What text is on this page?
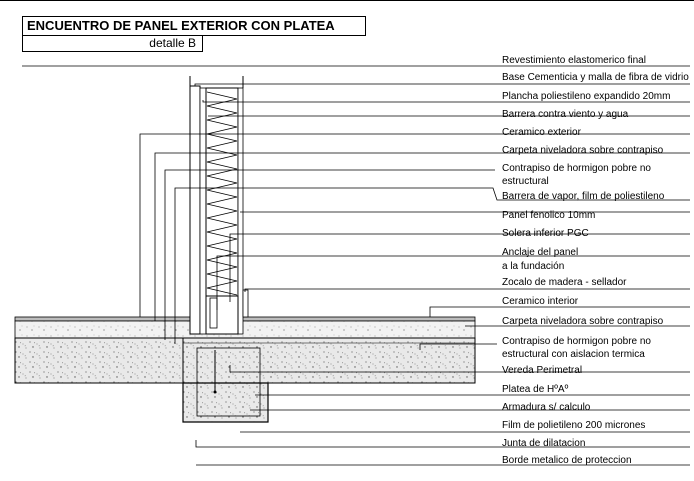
ENCUENTRO DE PANEL EXTERIOR CON PLATEA
detalle B
Revestimiento elastomerico final
Base Cementicia y malla de fibra de vidrio
Plancha poliestileno expandido 20mm
Barrera contra viento y agua
Ceramico exterior
Carpeta niveladora sobre contrapiso
Contrapiso de hormigon pobre no
estructural
Barrera de vapor, film de poliestileno
Panel fenolico 10mm
Solera inferior PGC
Anclaje del panel
a la fundación
Zocalo de madera - sellador
Ceramico interior
Carpeta niveladora sobre contrapiso
Contrapiso de hormigon pobre no
estructural con aislacion termica
Vereda Perimetral
Platea de HºAº
Armadura s/ calculo
Film de polietileno 200 micrones
Junta de dilatacion
Borde metalico de proteccion
